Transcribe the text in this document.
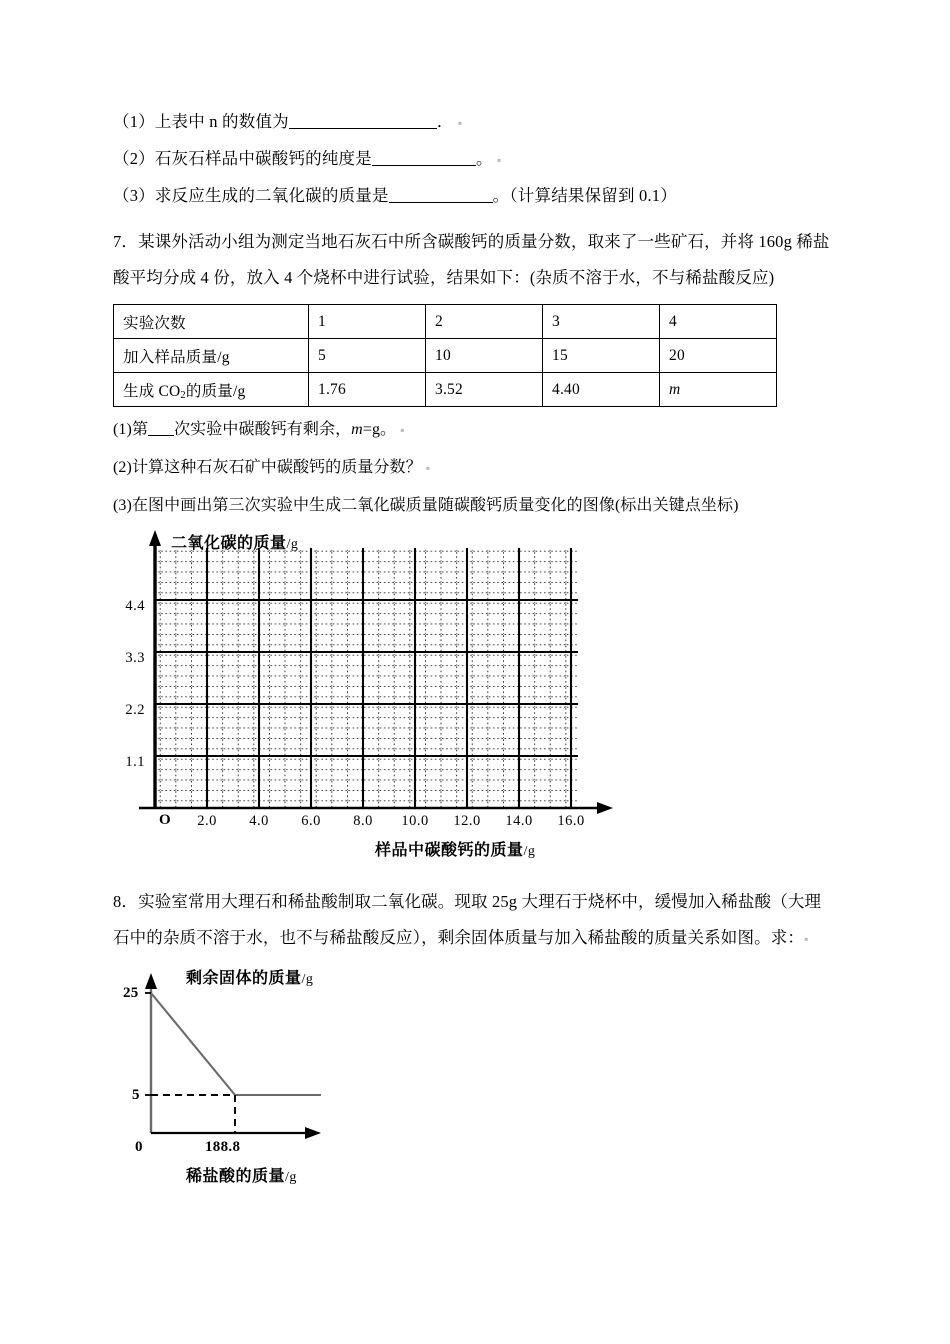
（1）上表中 n 的数值为	． ▪
（2）石灰石样品中碳酸钙的纯度是	。 ▪
（3）求反应生成的二氧化碳的质量是	。（计算结果保留到 0.1）
7．某课外活动小组为测定当地石灰石中所含碳酸钙的质量分数，取来了一些矿石，并将 160g 稀盐
酸平均分成 4 份，放入 4 个烧杯中进行试验，结果如下：(杂质不溶于水，不与稀盐酸反应)
实验次数	1	2	3	4
加入样品质量/g	5	10	15	20
生成 $CO_2$的质量/g	1.76	3.52	4.40	m
(1)第 次实验中碳酸钙有剩余，m=g。 ▪
(2)计算这种石灰石矿中碳酸钙的质量分数？ ▪
(3)在图中画出第三次实验中生成二氧化碳质量随碳酸钙质量变化的图像(标出关键点坐标)
二氧化碳的质量/g
1.1
2.2
3.3
4.4
O	2.0	4.0	6.0	8.0	10.0	12.0	14.0	16.0
样品中碳酸钙的质量/g
8．实验室常用大理石和稀盐酸制取二氧化碳。现取 25g 大理石于烧杯中，缓慢加入稀盐酸（大理
石中的杂质不溶于水，也不与稀盐酸反应），剩余固体质量与加入稀盐酸的质量关系如图。求：▪
剩余固体的质量/g
25
5
0	188.8
稀盐酸的质量/g
